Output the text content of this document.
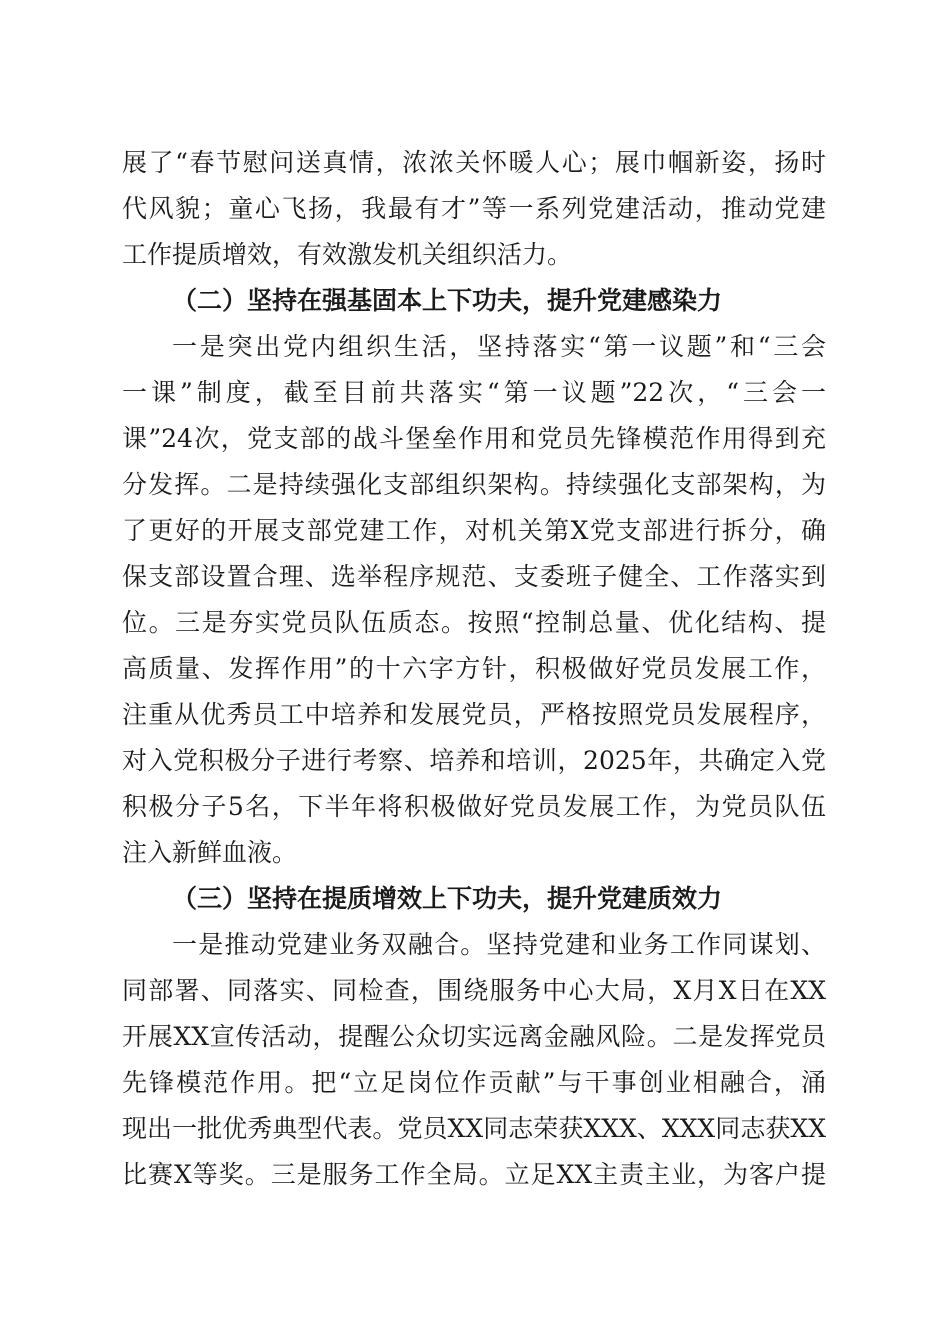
展了“春节慰问送真情，浓浓关怀暖人心；展巾帼新姿，扬时
代风貌；童心飞扬，我最有才”等一系列党建活动，推动党建
工作提质增效，有效激发机关组织活力。
（二）坚持在强基固本上下功夫，提升党建感染力
一是突出党内组织生活，坚持落实“第一议题”和“三会
一课”制度，截至目前共落实“第一议题”22次，“三会一
课”24次，党支部的战斗堡垒作用和党员先锋模范作用得到充
分发挥。二是持续强化支部组织架构。持续强化支部架构，为
了更好的开展支部党建工作，对机关第X党支部进行拆分，确
保支部设置合理、选举程序规范、支委班子健全、工作落实到
位。三是夯实党员队伍质态。按照“控制总量、优化结构、提
高质量、发挥作用”的十六字方针，积极做好党员发展工作，
注重从优秀员工中培养和发展党员，严格按照党员发展程序，
对入党积极分子进行考察、培养和培训，2025年，共确定入党
积极分子5名，下半年将积极做好党员发展工作，为党员队伍
注入新鲜血液。
（三）坚持在提质增效上下功夫，提升党建质效力
一是推动党建业务双融合。坚持党建和业务工作同谋划、
同部署、同落实、同检查，围绕服务中心大局，X月X日在XX
开展XX宣传活动，提醒公众切实远离金融风险。二是发挥党员
先锋模范作用。把“立足岗位作贡献”与干事创业相融合，涌
现出一批优秀典型代表。党员XX同志荣获XXX、XXX同志获XX
比赛X等奖。三是服务工作全局。立足XX主责主业，为客户提
